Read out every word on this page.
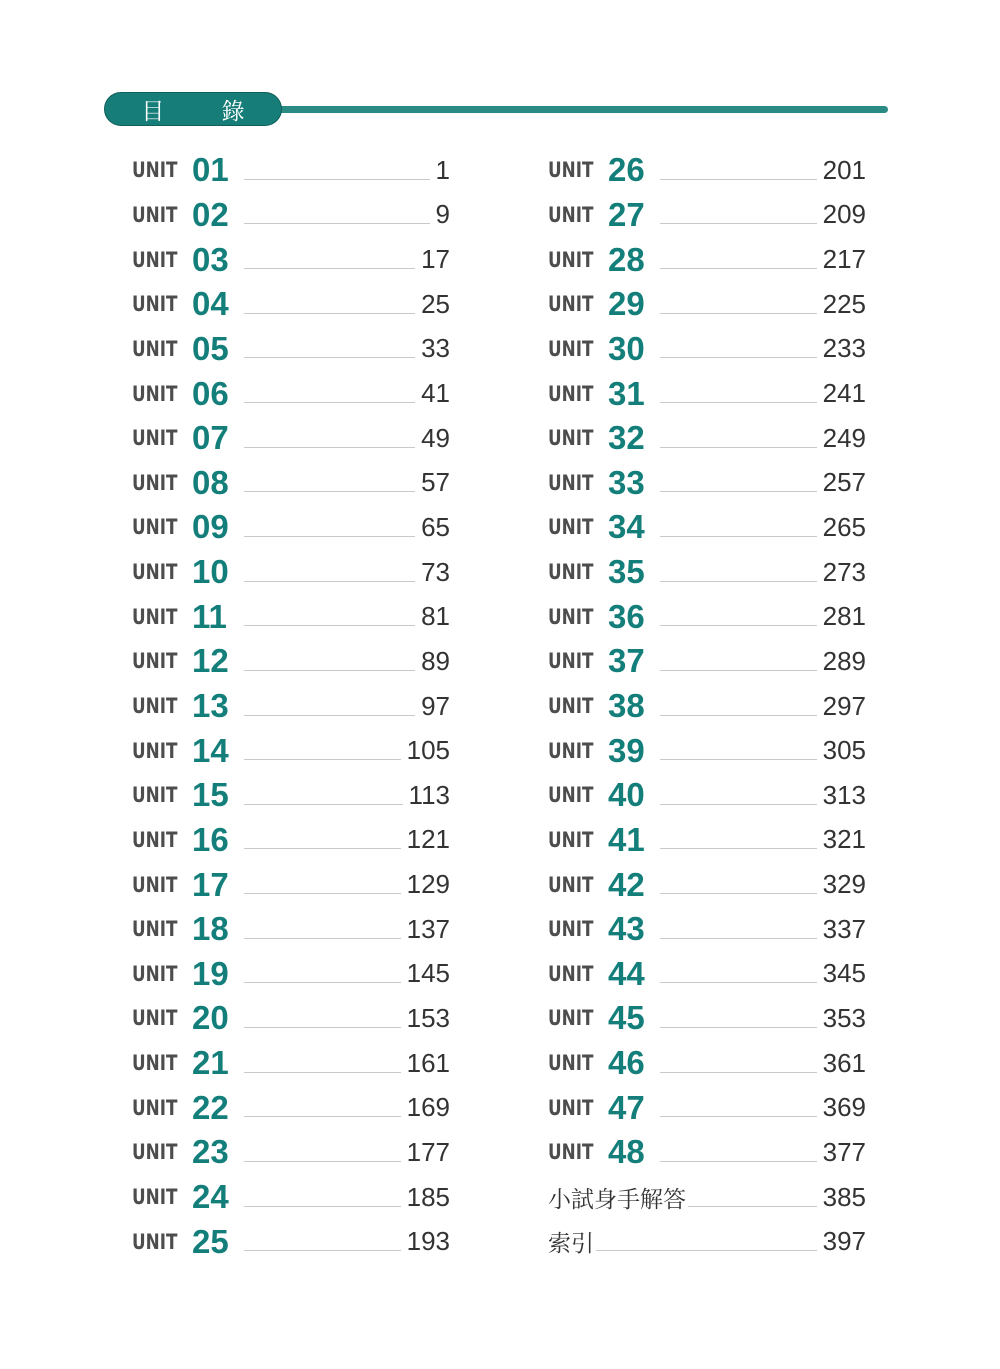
目 錄
UNIT 01	1
UNIT 02	9
UNIT 03	17
UNIT 04	25
UNIT 05	33
UNIT 06	41
UNIT 07	49
UNIT 08	57
UNIT 09	65
UNIT 10	73
UNIT 11	81
UNIT 12	89
UNIT 13	97
UNIT 14	105
UNIT 15	113
UNIT 16	121
UNIT 17	129
UNIT 18	137
UNIT 19	145
UNIT 20	153
UNIT 21	161
UNIT 22	169
UNIT 23	177
UNIT 24	185
UNIT 25	193
UNIT 26	201
UNIT 27	209
UNIT 28	217
UNIT 29	225
UNIT 30	233
UNIT 31	241
UNIT 32	249
UNIT 33	257
UNIT 34	265
UNIT 35	273
UNIT 36	281
UNIT 37	289
UNIT 38	297
UNIT 39	305
UNIT 40	313
UNIT 41	321
UNIT 42	329
UNIT 43	337
UNIT 44	345
UNIT 45	353
UNIT 46	361
UNIT 47	369
UNIT 48	377
小試身手解答	385
索引	397
